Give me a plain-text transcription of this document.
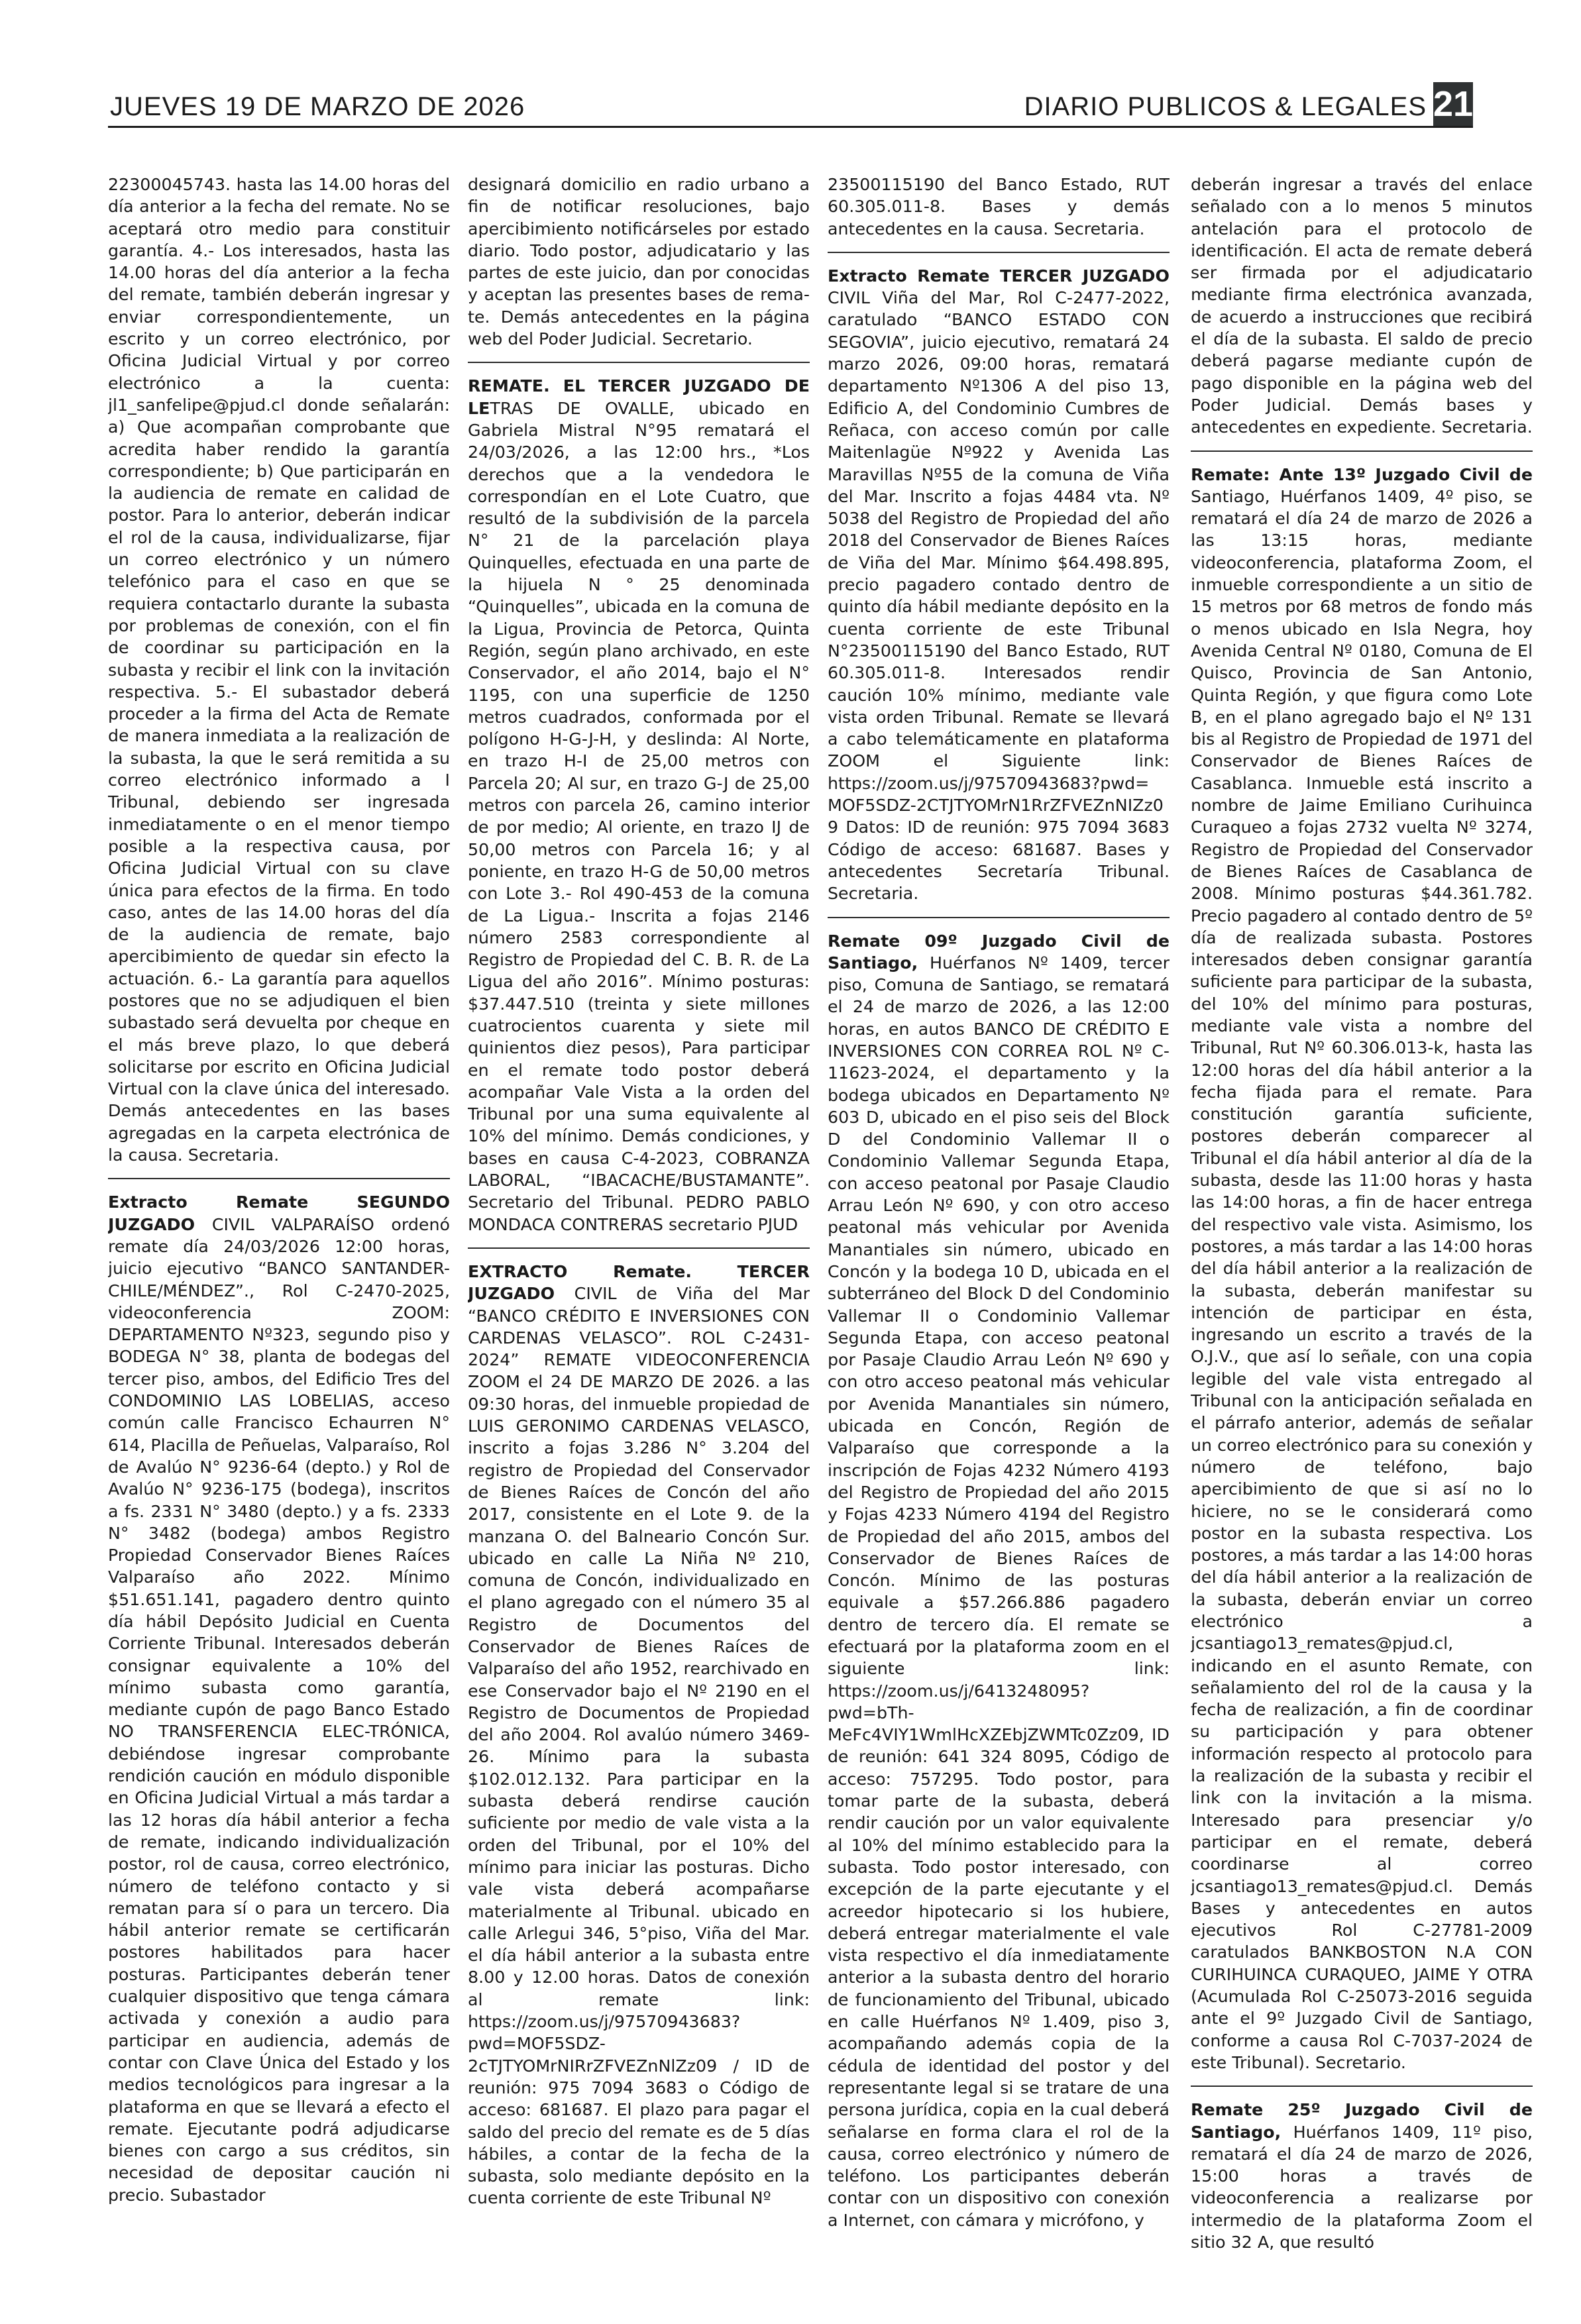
JUEVES 19 DE MARZO DE 2026	DIARIO PUBLICOS & LEGALES 21

22300045743. hasta las 14.00 horas del día anterior a la fecha del remate. No se aceptará otro medio para constituir garantía. 4.- Los interesados, hasta las 14.00 horas del día anterior a la fecha del remate, también deberán ingresar y enviar correspondientemente, un escrito y un correo electrónico, por Oficina Judicial Virtual y por correo electrónico a la cuenta: jl1_sanfelipe@pjud.cl donde señalarán: a) Que acompañan comprobante que acredita haber rendido la garantía correspondiente; b) Que participarán en la audiencia de remate en calidad de postor. Para lo anterior, deberán indicar el rol de la causa, individualizarse, fijar un correo electrónico y un número telefónico para el caso en que se requiera contactarlo durante la subasta por problemas de conexión, con el fin de coordinar su participación en la subasta y recibir el link con la invitación respectiva. 5.- El subastador deberá proceder a la firma del Acta de Remate de manera inmediata a la realización de la subasta, la que le será remitida a su correo electrónico informado a I Tribunal, debiendo ser ingresada inmediatamente o en el menor tiempo posible a la respectiva causa, por Oficina Judicial Virtual con su clave única para efectos de la firma. En todo caso, antes de las 14.00 horas del día de la audiencia de remate, bajo apercibimiento de quedar sin efecto la actuación. 6.- La garantía para aquellos postores que no se adjudiquen el bien subastado será devuelta por cheque en el más breve plazo, lo que deberá solicitarse por escrito en Oficina Judicial Virtual con la clave única del interesado. Demás antecedentes en las bases agregadas en la carpeta electrónica de la causa. Secretaria.

Extracto Remate SEGUNDO JUZGADO CIVIL VALPARAÍSO ordenó remate día 24/03/2026 12:00 horas, juicio ejecutivo “BANCO SANTANDER-CHILE/MÉNDEZ”., Rol C-2470-2025, videoconferencia ZOOM: DEPARTAMENTO Nº323, segundo piso y BODEGA N° 38, planta de bodegas del tercer piso, ambos, del Edificio Tres del CONDOMINIO LAS LOBELIAS, acceso común calle Francisco Echaurren N° 614, Placilla de Peñuelas, Valparaíso, Rol de Avalúo N° 9236-64 (depto.) y Rol de Avalúo N° 9236-175 (bodega), inscritos a fs. 2331 N° 3480 (depto.) y a fs. 2333 N° 3482 (bodega) ambos Registro Propiedad Conservador Bienes Raíces Valparaíso año 2022. Mínimo $51.651.141, pagadero dentro quinto día hábil Depósito Judicial en Cuenta Corriente Tribunal. Interesados deberán consignar equivalente a 10% del mínimo subasta como garantía, mediante cupón de pago Banco Estado NO TRANSFERENCIA ELEC-TRÓNICA, debiéndose ingresar comprobante rendición caución en módulo disponible en Oficina Judicial Virtual a más tardar a las 12 horas día hábil anterior a fecha de remate, indicando individualización postor, rol de causa, correo electrónico, número de teléfono contacto y si rematan para sí o para un tercero. Dia hábil anterior remate se certificarán postores habilitados para hacer posturas. Participantes deberán tener cualquier dispositivo que tenga cámara activada y conexión a audio para participar en audiencia, además de contar con Clave Única del Estado y los medios tecnológicos para ingresar a la plataforma en que se llevará a efecto el remate. Ejecutante podrá adjudicarse bienes con cargo a sus créditos, sin necesidad de depositar caución ni precio. Subastador

designará domicilio en radio urbano a fin de notificar resoluciones, bajo apercibimiento notificárseles por estado diario. Todo postor, adjudicatario y las partes de este juicio, dan por conocidas y aceptan las presentes bases de rema-te. Demás antecedentes en la página web del Poder Judicial. Secretario.

REMATE. EL TERCER JUZGADO DE LETRAS DE OVALLE, ubicado en Gabriela Mistral N°95 rematará el 24/03/2026, a las 12:00 hrs., *Los derechos que a la vendedora le correspondían en el Lote Cuatro, que resultó de la subdivisión de la parcela N° 21 de la parcelación playa Quinquelles, efectuada en una parte de la hijuela N ° 25 denominada “Quinquelles”, ubicada en la comuna de la Ligua, Provincia de Petorca, Quinta Región, según plano archivado, en este Conservador, el año 2014, bajo el N° 1195, con una superficie de 1250 metros cuadrados, conformada por el polígono H-G-J-H, y deslinda: Al Norte, en trazo H-I de 25,00 metros con Parcela 20; Al sur, en trazo G-J de 25,00 metros con parcela 26, camino interior de por medio; Al oriente, en trazo IJ de 50,00 metros con Parcela 16; y al poniente, en trazo H-G de 50,00 metros con Lote 3.- Rol 490-453 de la comuna de La Ligua.- Inscrita a fojas 2146 número 2583 correspondiente al Registro de Propiedad del C. B. R. de La Ligua del año 2016”. Mínimo posturas: $37.447.510 (treinta y siete millones cuatrocientos cuarenta y siete mil quinientos diez pesos), Para participar en el remate todo postor deberá acompañar Vale Vista a la orden del Tribunal por una suma equivalente al 10% del mínimo. Demás condiciones, y bases en causa C-4-2023, COBRANZA LABORAL, “IBACACHE/BUSTAMANTE”. Secretario del Tribunal. PEDRO PABLO MONDACA CONTRERAS secretario PJUD

EXTRACTO Remate. TERCER JUZGADO CIVIL de Viña del Mar “BANCO CRÉDITO E INVERSIONES CON CARDENAS VELASCO”. ROL C-2431-2024” REMATE VIDEOCONFERENCIA ZOOM el 24 DE MARZO DE 2026. a las 09:30 horas, del inmueble propiedad de LUIS GERONIMO CARDENAS VELASCO, inscrito a fojas 3.286 N° 3.204 del registro de Propiedad del Conservador de Bienes Raíces de Concón del año 2017, consistente en el Lote 9. de la manzana O. del Balneario Concón Sur. ubicado en calle La Niña Nº 210, comuna de Concón, individualizado en el plano agregado con el número 35 al Registro de Documentos del Conservador de Bienes Raíces de Valparaíso del año 1952, rearchivado en ese Conservador bajo el Nº 2190 en el Registro de Documentos de Propiedad del año 2004. Rol avalúo número 3469-26. Mínimo para la subasta $102.012.132. Para participar en la subasta deberá rendirse caución suficiente por medio de vale vista a la orden del Tribunal, por el 10% del mínimo para iniciar las posturas. Dicho vale vista deberá acompañarse materialmente al Tribunal. ubicado en calle Arlegui 346, 5°piso, Viña del Mar. el día hábil anterior a la subasta entre 8.00 y 12.00 horas. Datos de conexión al remate link: https://zoom.us/j/97570943683?pwd=MOF5SDZ-2cTJTYOMrNIRrZFVEZnNlZz09 / ID de reunión: 975 7094 3683 o Código de acceso: 681687. El plazo para pagar el saldo del precio del remate es de 5 días hábiles, a contar de la fecha de la subasta, solo mediante depósito en la cuenta corriente de este Tribunal Nº

23500115190 del Banco Estado, RUT 60.305.011-8. Bases y demás antecedentes en la causa. Secretaria.

Extracto Remate TERCER JUZGADO CIVIL Viña del Mar, Rol C-2477-2022, caratulado “BANCO ESTADO CON SEGOVIA”, juicio ejecutivo, rematará 24 marzo 2026, 09:00 horas, rematará departamento Nº1306 A del piso 13, Edificio A, del Condominio Cumbres de Reñaca, con acceso común por calle Maitenlagüe Nº922 y Avenida Las Maravillas Nº55 de la comuna de Viña del Mar. Inscrito a fojas 4484 vta. Nº 5038 del Registro de Propiedad del año 2018 del Conservador de Bienes Raíces de Viña del Mar. Mínimo $64.498.895, precio pagadero contado dentro de quinto día hábil mediante depósito en la cuenta corriente de este Tribunal N°23500115190 del Banco Estado, RUT 60.305.011-8. Interesados rendir caución 10% mínimo, mediante vale vista orden Tribunal. Remate se llevará a cabo telemáticamente en plataforma ZOOM el Siguiente link: https://zoom.us/j/97570943683?pwd= MOF5SDZ-2CTJTYOMrN1RrZFVEZnNIZz0 9 Datos: ID de reunión: 975 7094 3683 Código de acceso: 681687. Bases y antecedentes Secretaría Tribunal. Secretaria.

Remate 09º Juzgado Civil de Santiago, Huérfanos Nº 1409, tercer piso, Comuna de Santiago, se rematará el 24 de marzo de 2026, a las 12:00 horas, en autos BANCO DE CRÉDITO E INVERSIONES CON CORREA ROL Nº C-11623-2024, el departamento y la bodega ubicados en Departamento Nº 603 D, ubicado en el piso seis del Block D del Condominio Vallemar II o Condominio Vallemar Segunda Etapa, con acceso peatonal por Pasaje Claudio Arrau León Nº 690, y con otro acceso peatonal más vehicular por Avenida Manantiales sin número, ubicado en Concón y la bodega 10 D, ubicada en el subterráneo del Block D del Condominio Vallemar II o Condominio Vallemar Segunda Etapa, con acceso peatonal por Pasaje Claudio Arrau León Nº 690 y con otro acceso peatonal más vehicular por Avenida Manantiales sin número, ubicada en Concón, Región de Valparaíso que corresponde a la inscripción de Fojas 4232 Número 4193 del Registro de Propiedad del año 2015 y Fojas 4233 Número 4194 del Registro de Propiedad del año 2015, ambos del Conservador de Bienes Raíces de Concón. Mínimo de las posturas equivale a $57.266.886 pagadero dentro de tercero día. El remate se efectuará por la plataforma zoom en el siguiente link: https://zoom.us/j/6413248095?pwd=bTh-MeFc4VIY1WmlHcXZEbjZWMTc0Zz09, ID de reunión: 641 324 8095, Código de acceso: 757295. Todo postor, para tomar parte de la subasta, deberá rendir caución por un valor equivalente al 10% del mínimo establecido para la subasta. Todo postor interesado, con excepción de la parte ejecutante y el acreedor hipotecario si los hubiere, deberá entregar materialmente el vale vista respectivo el día inmediatamente anterior a la subasta dentro del horario de funcionamiento del Tribunal, ubicado en calle Huérfanos Nº 1.409, piso 3, acompañando además copia de la cédula de identidad del postor y del representante legal si se tratare de una persona jurídica, copia en la cual deberá señalarse en forma clara el rol de la causa, correo electrónico y número de teléfono. Los participantes deberán contar con un dispositivo con conexión a Internet, con cámara y micrófono, y

deberán ingresar a través del enlace señalado con a lo menos 5 minutos antelación para el protocolo de identificación. El acta de remate deberá ser firmada por el adjudicatario mediante firma electrónica avanzada, de acuerdo a instrucciones que recibirá el día de la subasta. El saldo de precio deberá pagarse mediante cupón de pago disponible en la página web del Poder Judicial. Demás bases y antecedentes en expediente. Secretaria.

Remate: Ante 13º Juzgado Civil de Santiago, Huérfanos 1409, 4º piso, se rematará el día 24 de marzo de 2026 a las 13:15 horas, mediante videoconferencia, plataforma Zoom, el inmueble correspondiente a un sitio de 15 metros por 68 metros de fondo más o menos ubicado en Isla Negra, hoy Avenida Central Nº 0180, Comuna de El Quisco, Provincia de San Antonio, Quinta Región, y que figura como Lote B, en el plano agregado bajo el Nº 131 bis al Registro de Propiedad de 1971 del Conservador de Bienes Raíces de Casablanca. Inmueble está inscrito a nombre de Jaime Emiliano Curihuinca Curaqueo a fojas 2732 vuelta Nº 3274, Registro de Propiedad del Conservador de Bienes Raíces de Casablanca de 2008. Mínimo posturas $44.361.782. Precio pagadero al contado dentro de 5º día de realizada subasta. Postores interesados deben consignar garantía suficiente para participar de la subasta, del 10% del mínimo para posturas, mediante vale vista a nombre del Tribunal, Rut Nº 60.306.013-k, hasta las 12:00 horas del día hábil anterior a la fecha fijada para el remate. Para constitución garantía suficiente, postores deberán comparecer al Tribunal el día hábil anterior al día de la subasta, desde las 11:00 horas y hasta las 14:00 horas, a fin de hacer entrega del respectivo vale vista. Asimismo, los postores, a más tardar a las 14:00 horas del día hábil anterior a la realización de la subasta, deberán manifestar su intención de participar en ésta, ingresando un escrito a través de la O.J.V., que así lo señale, con una copia legible del vale vista entregado al Tribunal con la anticipación señalada en el párrafo anterior, además de señalar un correo electrónico para su conexión y número de teléfono, bajo apercibimiento de que si así no lo hiciere, no se le considerará como postor en la subasta respectiva. Los postores, a más tardar a las 14:00 horas del día hábil anterior a la realización de la subasta, deberán enviar un correo electrónico a jcsantiago13_remates@pjud.cl, indicando en el asunto Remate, con señalamiento del rol de la causa y la fecha de realización, a fin de coordinar su participación y para obtener información respecto al protocolo para la realización de la subasta y recibir el link con la invitación a la misma. Interesado para presenciar y/o participar en el remate, deberá coordinarse al correo jcsantiago13_remates@pjud.cl. Demás Bases y antecedentes en autos ejecutivos Rol C-27781-2009 caratulados BANKBOSTON N.A CON CURIHUINCA CURAQUEO, JAIME Y OTRA (Acumulada Rol C-25073-2016 seguida ante el 9º Juzgado Civil de Santiago, conforme a causa Rol C-7037-2024 de este Tribunal). Secretario.

Remate 25º Juzgado Civil de Santiago, Huérfanos 1409, 11º piso, rematará el día 24 de marzo de 2026, 15:00 horas a través de videoconferencia a realizarse por intermedio de la plataforma Zoom el sitio 32 A, que resultó
